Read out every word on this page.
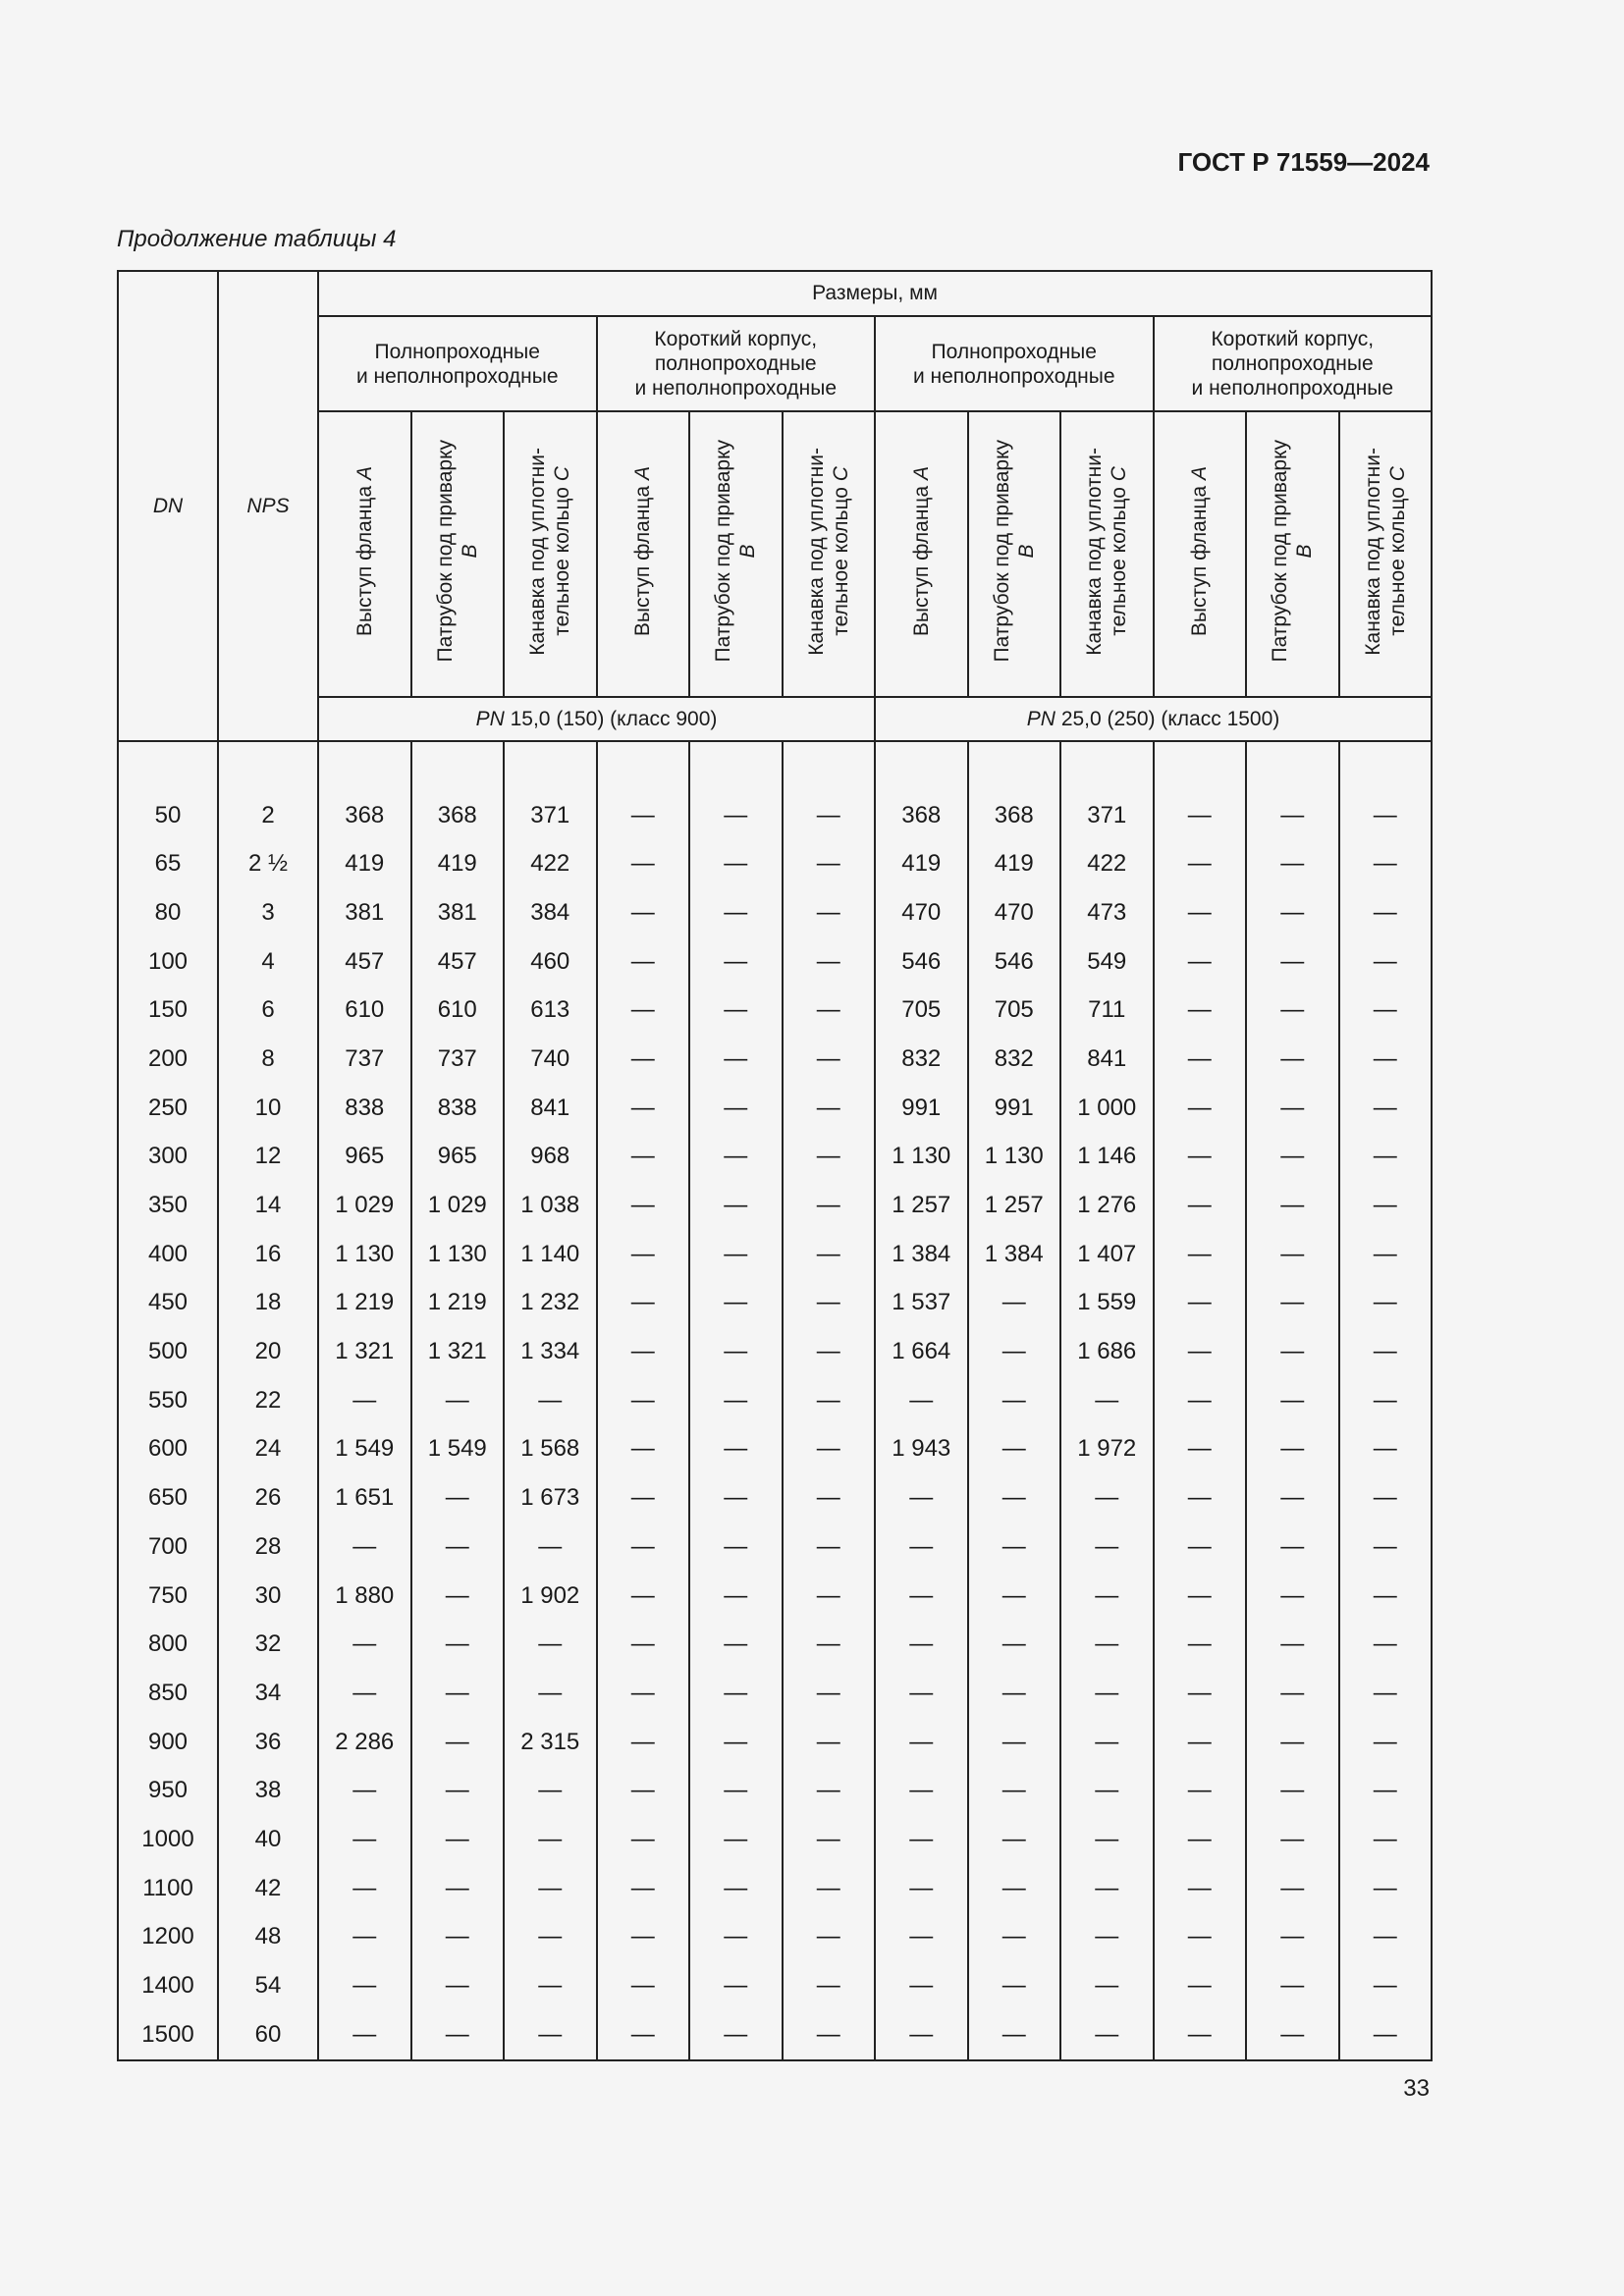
ГОСТ Р 71559—2024
Продолжение таблицы 4
DN	NPS	Размеры, мм											
		Полнопроходные
и неполнопроходные			Короткий корпус,
полнопроходные
и неполнопроходные			Полнопроходные
и неполнопроходные			Короткий корпус,
полнопроходные
и неполнопроходные		
		Выступ фланца A	Патрубок под приварку
B	Канавка под уплотни-
тельное кольцо C	Выступ фланца A	Патрубок под приварку
B	Канавка под уплотни-
тельное кольцо C	Выступ фланца A	Патрубок под приварку
B	Канавка под уплотни-
тельное кольцо C	Выступ фланца A	Патрубок под приварку
B	Канавка под уплотни-
тельное кольцо C
		PN 15,0 (150) (класс 900)						PN 25,0 (250) (класс 1500)					

50	2	368	368	371	—	—	—	368	368	371	—	—	—
65	2 ½	419	419	422	—	—	—	419	419	422	—	—	—
80	3	381	381	384	—	—	—	470	470	473	—	—	—
100	4	457	457	460	—	—	—	546	546	549	—	—	—
150	6	610	610	613	—	—	—	705	705	711	—	—	—
200	8	737	737	740	—	—	—	832	832	841	—	—	—
250	10	838	838	841	—	—	—	991	991	1 000	—	—	—
300	12	965	965	968	—	—	—	1 130	1 130	1 146	—	—	—
350	14	1 029	1 029	1 038	—	—	—	1 257	1 257	1 276	—	—	—
400	16	1 130	1 130	1 140	—	—	—	1 384	1 384	1 407	—	—	—
450	18	1 219	1 219	1 232	—	—	—	1 537	—	1 559	—	—	—
500	20	1 321	1 321	1 334	—	—	—	1 664	—	1 686	—	—	—
550	22	—	—	—	—	—	—	—	—	—	—	—	—
600	24	1 549	1 549	1 568	—	—	—	1 943	—	1 972	—	—	—
650	26	1 651	—	1 673	—	—	—	—	—	—	—	—	—
700	28	—	—	—	—	—	—	—	—	—	—	—	—
750	30	1 880	—	1 902	—	—	—	—	—	—	—	—	—
800	32	—	—	—	—	—	—	—	—	—	—	—	—
850	34	—	—	—	—	—	—	—	—	—	—	—	—
900	36	2 286	—	2 315	—	—	—	—	—	—	—	—	—
950	38	—	—	—	—	—	—	—	—	—	—	—	—
1000	40	—	—	—	—	—	—	—	—	—	—	—	—
1100	42	—	—	—	—	—	—	—	—	—	—	—	—
1200	48	—	—	—	—	—	—	—	—	—	—	—	—
1400	54	—	—	—	—	—	—	—	—	—	—	—	—
1500	60	—	—	—	—	—	—	—	—	—	—	—	—
33
